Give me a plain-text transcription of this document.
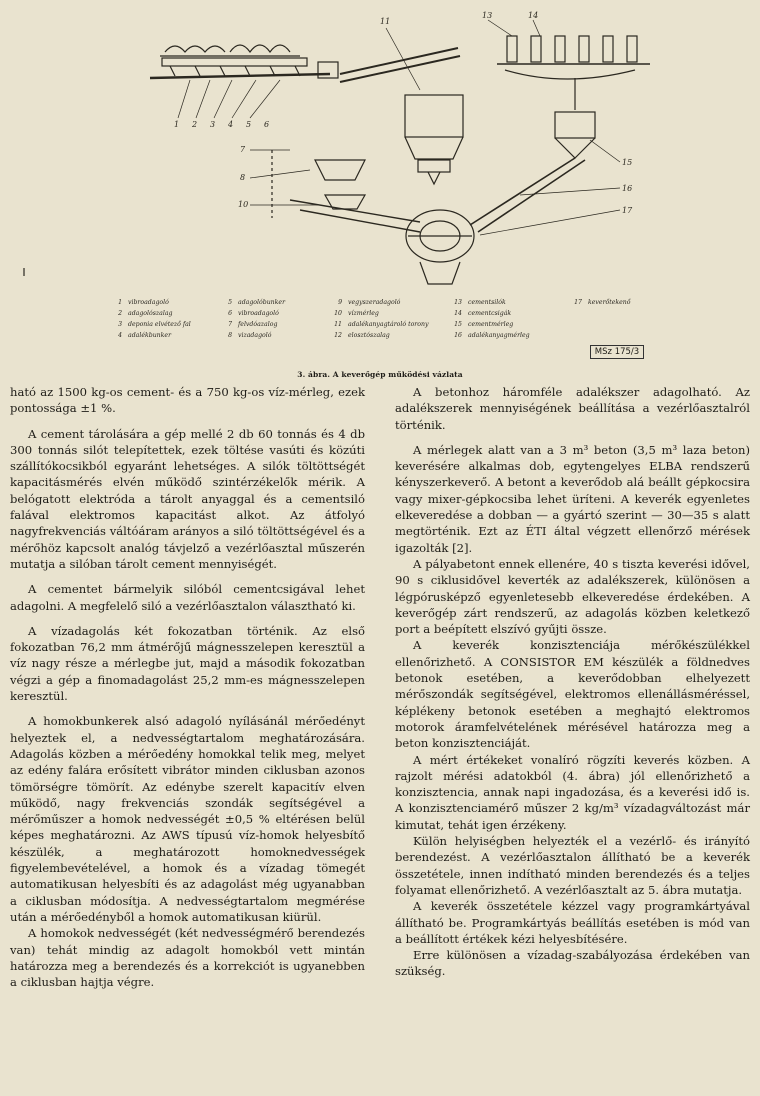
1 2 3 4 5 6
7
8
10
11
13	14
15
16
17
1 vibroadagoló
2 adagolószalag
3 deponia elvétező fal
4 adalékbunker
5 adagolóbunker
6 vibroadagoló
7 felvdóazalog
8 vizadagoló
9 vegyszeradagoló
10 vízmérleg
11 adalékanyagtároló torony
12 elosztószalag
13 cementsilók
14 cementcsigák
15 cementmérleg
16 adalékanyagmérleg
17 keverőtekenő
MSz 175/3
3. ábra. A keverőgép működési vázlata

ható az 1500 kg-os cement- és a 750 kg-os víz-mérleg, ezek pontossága ±1 %.

A cement tárolására a gép mellé 2 db 60 tonnás és 4 db 300 tonnás silót telepítettek, ezek töltése vasúti és közúti szállítókocsikból egyaránt lehetséges. A silók töltöttségét kapacitásmérés elvén működő szintérzékelők mérik. A belógatott elektróda a tárolt anyaggal és a cementsiló falával elektromos kapacitást alkot. Az átfolyó nagyfrekvenciás váltóáram arányos a siló töltöttségével és a mérőhöz kapcsolt analóg távjelző a vezérlőasztal műszerén mutatja a silóban tárolt cement mennyiségét.

A cementet bármelyik silóból cementcsigával lehet adagolni. A megfelelő siló a vezérlőasztalon választható ki.

A vízadagolás két fokozatban történik. Az első fokozatban 76,2 mm átmérőjű mágnesszelepen keresztül a víz nagy része a mérlegbe jut, majd a második fokozatban végzi a gép a finomadagolást 25,2 mm-es mágnesszelepen keresztül.

A homokbunkerek alsó adagoló nyílásánál mérőedényt helyeztek el, a nedvességtartalom meghatározására. Adagolás közben a mérőedény homokkal telik meg, melyet az edény falára erősített vibrátor minden ciklusban azonos tömörségre tömörít. Az edénybe szerelt kapacitív elven működő, nagy frekvenciás szondák segítségével a mérőműszer a homok nedvességét ±0,5 % eltérésen belül képes meghatározni. Az AWS típusú víz-homok helyesbítő készülék, a meghatározott homoknedvességek figyelembevételével, a homok és a vízadag tömegét automatikusan helyesbíti és az adagolást még ugyanabban a ciklusban módosítja. A nedvességtartalom megmérése után a mérőedényből a homok automatikusan kiürül.

A homokok nedvességét (két nedvességmérő berendezés van) tehát mindig az adagolt homokból vett mintán határozza meg a berendezés és a korrekciót is ugyanebben a ciklusban hajtja végre.

A betonhoz háromféle adalékszer adagolható. Az adalékszerek mennyiségének beállítása a vezérlőasztalról történik.

A mérlegek alatt van a 3 m³ beton (3,5 m³ laza beton) keverésére alkalmas dob, egytengelyes ELBA rendszerű kényszerkeverő. A betont a keverődob alá beállt gépkocsira vagy mixer-gépkocsiba lehet üríteni. A keverék egyenletes elkeveredése a dobban — a gyártó szerint — 30—35 s alatt megtörténik. Ezt az ÉTI által végzett ellenőrző mérések igazolták [2].

A pályabetont ennek ellenére, 40 s tiszta keverési idővel, 90 s ciklusidővel keverték az adalékszerek, különösen a légpórusképző egyenletesebb elkeveredése érdekében. A keverőgép zárt rendszerű, az adagolás közben keletkező port a beépített elszívó gyűjti össze.

A keverék konzisztenciája mérőkészülékkel ellenőrizhető. A CONSISTOR EM készülék a földnedves betonok esetében, a keverődobban elhelyezett mérőszondák segítségével, elektromos ellenállásméréssel, képlékeny betonok esetében a meghajtó elektromos motorok áramfelvételének mérésével határozza meg a beton konzisztenciáját.

A mért értékeket vonalíró rögzíti keverés közben. A rajzolt mérési adatokból (4. ábra) jól ellenőrizhető a konzisztencia, annak napi ingadozása, és a keverési idő is. A konzisztenciamérő műszer 2 kg/m³ vízadagváltozást már kimutat, tehát igen érzékeny.

Külön helyiségben helyezték el a vezérlő- és irányító berendezést. A vezérlőasztalon állítható be a keverék összetétele, innen indítható minden berendezés és a teljes folyamat ellenőrizhető. A vezérlőasztalt az 5. ábra mutatja.

A keverék összetétele kézzel vagy programkártyával állítható be. Programkártyás beállítás esetében is mód van a beállított értékek kézi helyesbítésére.

Erre különösen a vízadag-szabályozása érdekében van szükség.
